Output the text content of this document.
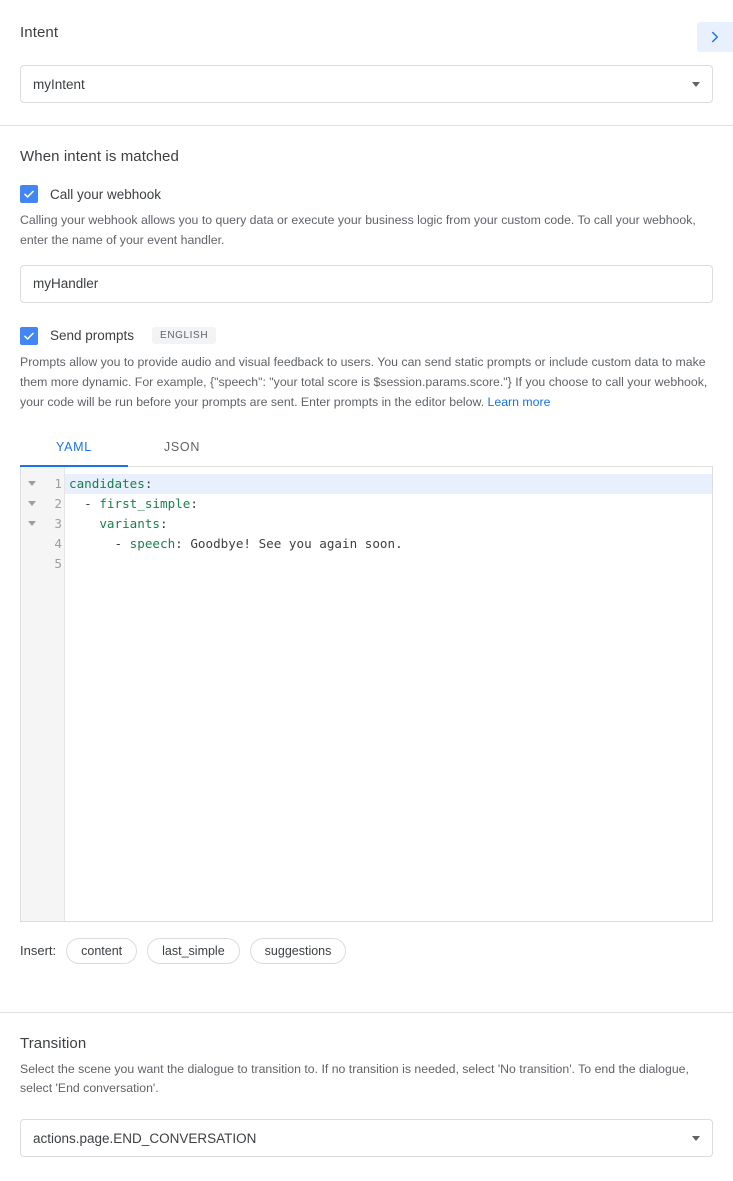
Intent
myIntent
When intent is matched
Call your webhook
Calling your webhook allows you to query data or execute your business logic from your custom code. To call your webhook, enter the name of your event handler.
myHandler
Send prompts	ENGLISH
Prompts allow you to provide audio and visual feedback to users. You can send static prompts or include custom data to make them more dynamic. For example, {"speech": "your total score is $session.params.score."} If you choose to call your webhook, your code will be run before your prompts are sent. Enter prompts in the editor below. Learn more
YAML	JSON
1
2
3
4
5
candidates:
- first_simple:
variants:
- speech: Goodbye! See you again soon.
Insert:	content	last_simple	suggestions
Transition
Select the scene you want the dialogue to transition to. If no transition is needed, select 'No transition'. To end the dialogue, select 'End conversation'.
actions.page.END_CONVERSATION
